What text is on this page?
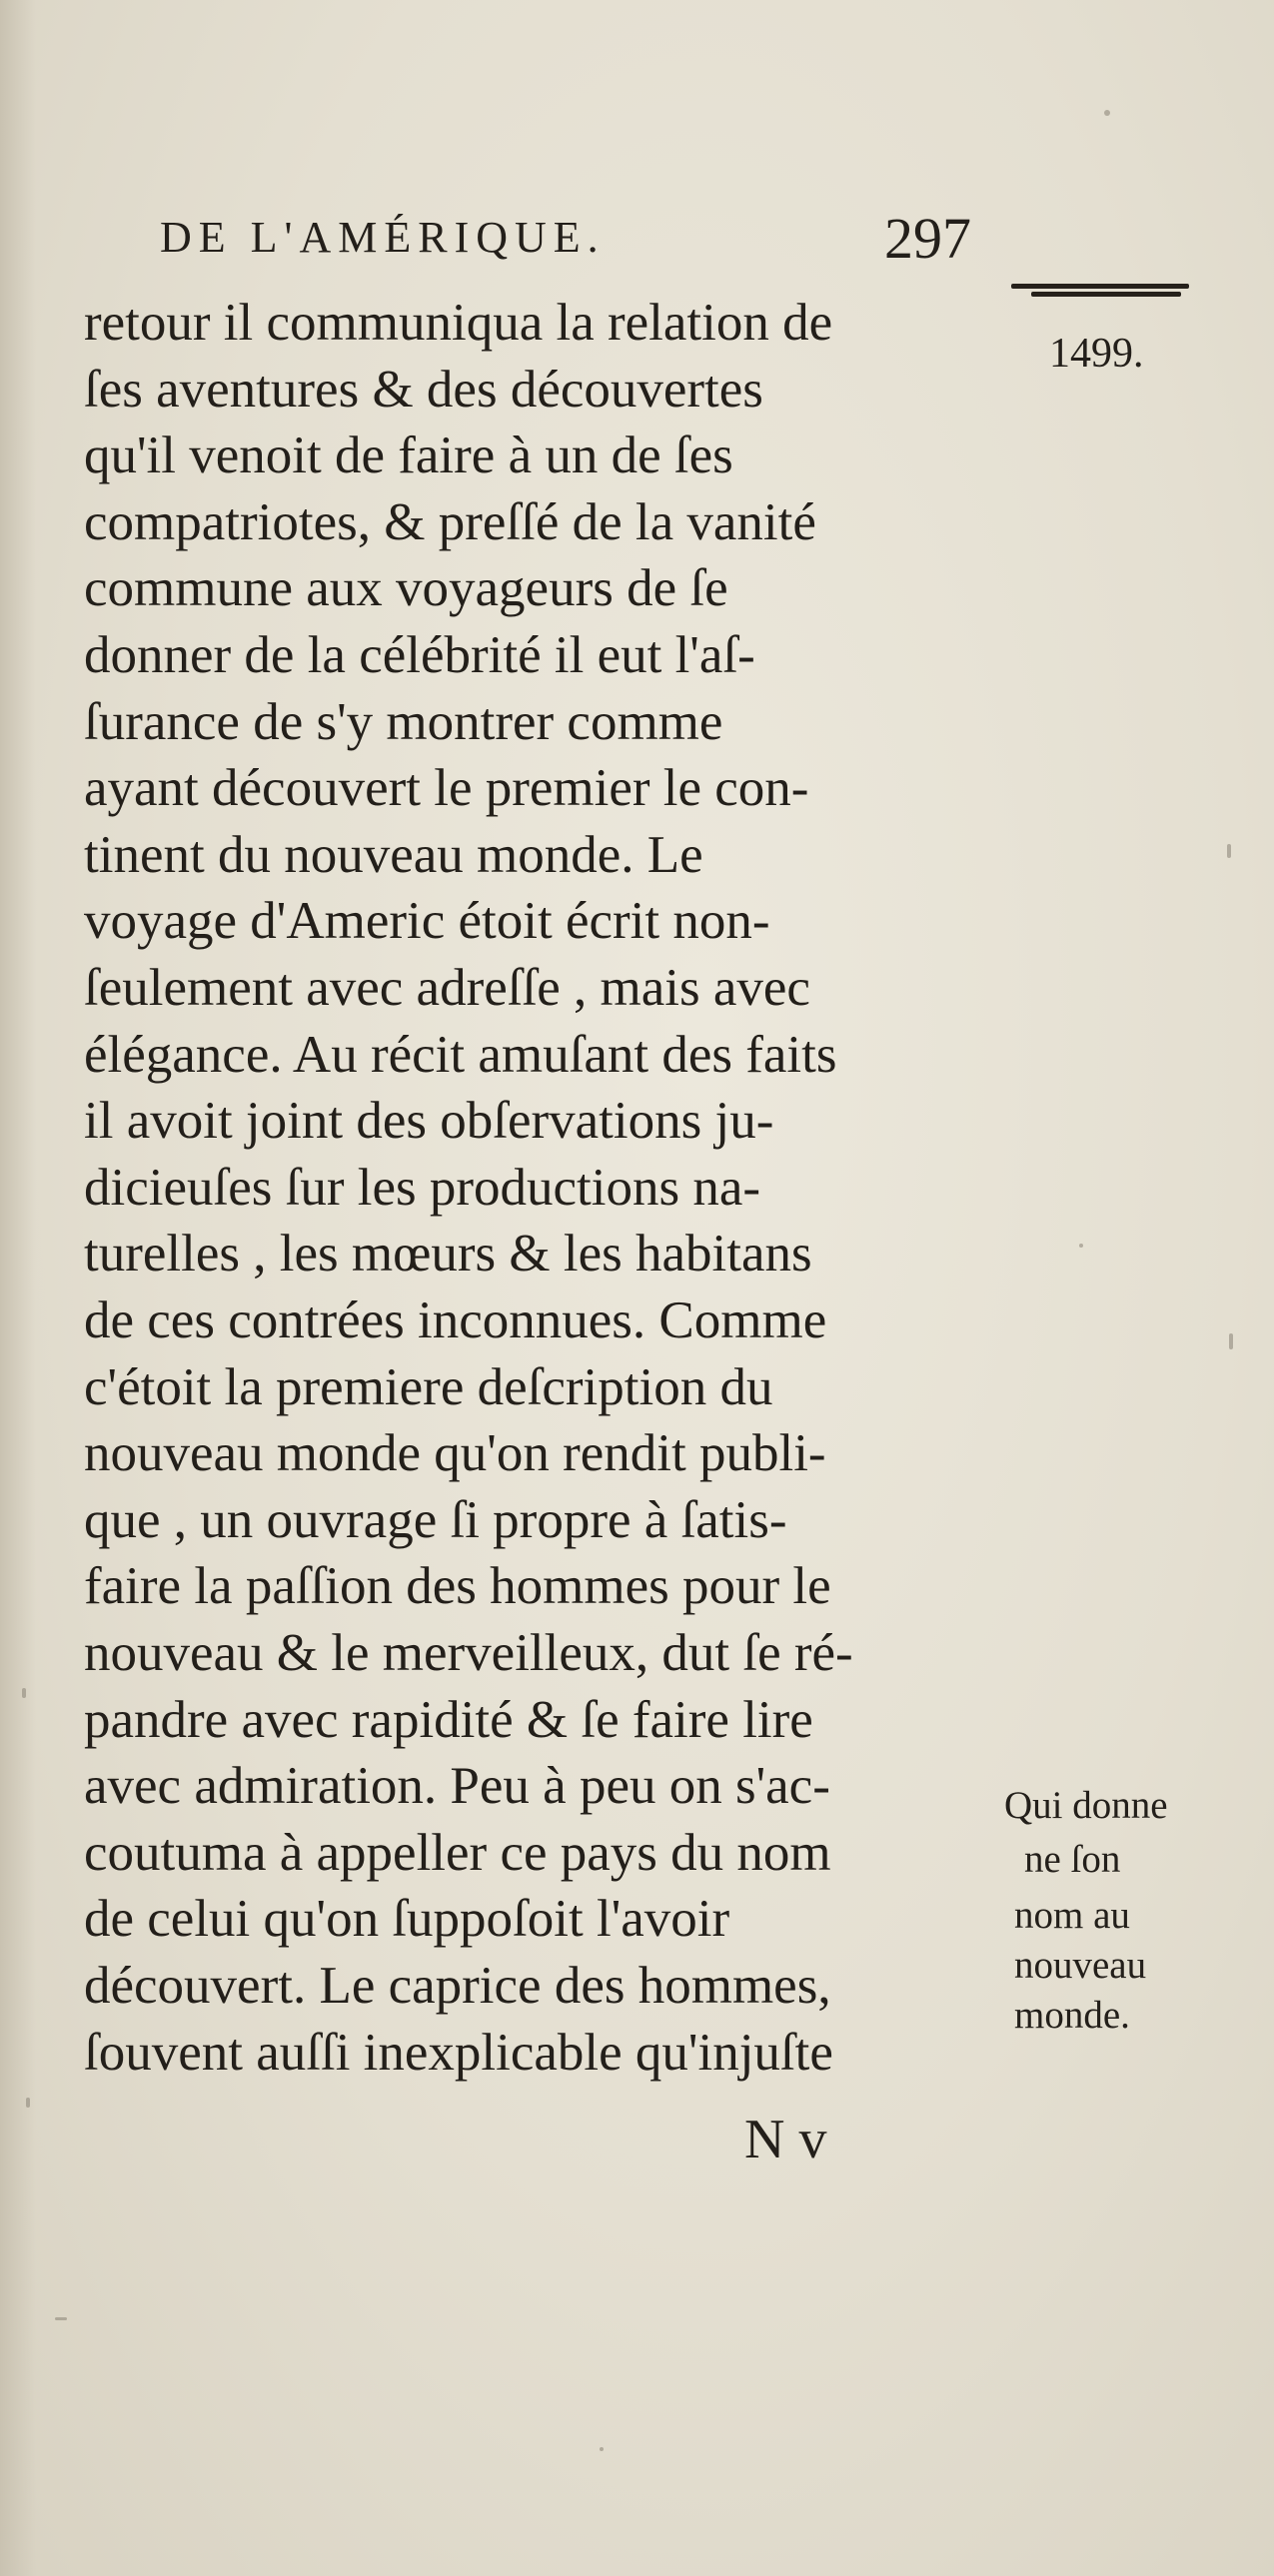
DE L'AMÉRIQUE.	297
1499.
retour il communiqua la relation de
ſes aventures & des découvertes
qu'il venoit de faire à un de ſes
compatriotes, & preſſé de la vanité
commune aux voyageurs de ſe
donner de la célébrité il eut l'aſ-
ſurance de s'y montrer comme
ayant découvert le premier le con-
tinent du nouveau monde. Le
voyage d'Americ étoit écrit non-
ſeulement avec adreſſe , mais avec
élégance. Au récit amuſant des faits
il avoit joint des obſervations ju-
dicieuſes ſur les productions na-
turelles , les mœurs & les habitans
de ces contrées inconnues. Comme
c'étoit la premiere deſcription du
nouveau monde qu'on rendit publi-
que , un ouvrage ſi propre à ſatis-
faire la paſſion des hommes pour le
nouveau & le merveilleux, dut ſe ré-
pandre avec rapidité & ſe faire lire
avec admiration. Peu à peu on s'ac-
coutuma à appeller ce pays du nom
de celui qu'on ſuppoſoit l'avoir
découvert. Le caprice des hommes,
ſouvent auſſi inexplicable qu'injuſte
Qui donne
ne ſon
nom au
nouveau
monde.
N v
